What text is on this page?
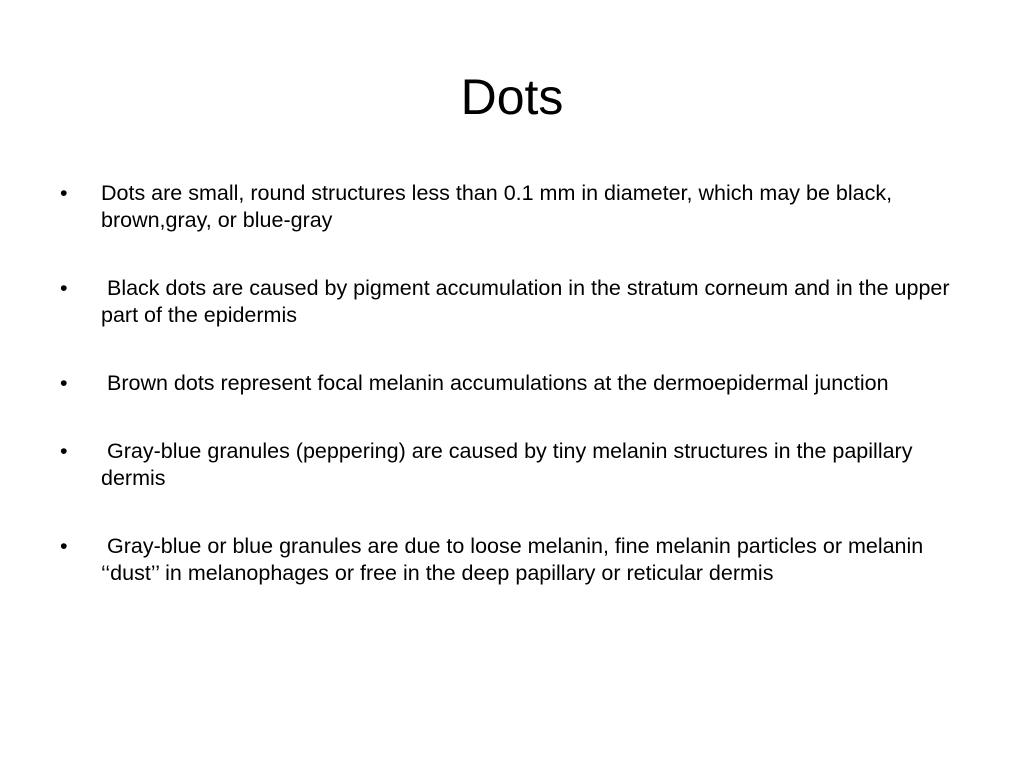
Dots
•	Dots are small, round structures less than 0.1 mm in diameter, which may be black, brown,gray, or blue-gray
•	Black dots are caused by pigment accumulation in the stratum corneum and in the upper part of the epidermis
•	Brown dots represent focal melanin accumulations at the dermoepidermal junction
•	Gray-blue granules (peppering) are caused by tiny melanin structures in the papillary dermis
•	Gray-blue or blue granules are due to loose melanin, fine melanin particles or melanin ‘‘dust’’ in melanophages or free in the deep papillary or reticular dermis
